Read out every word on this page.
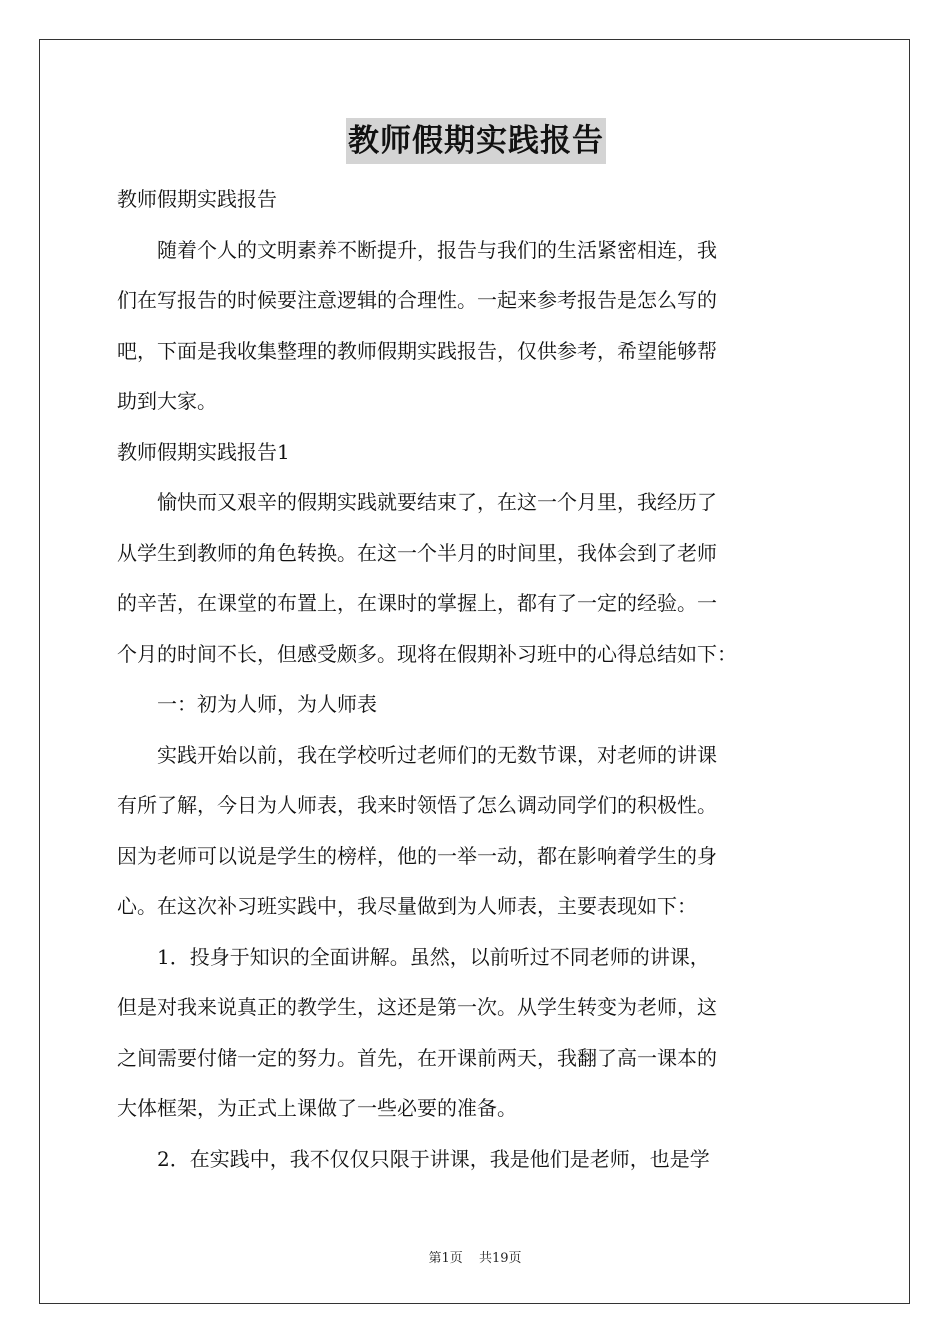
教师假期实践报告

教师假期实践报告

随着个人的文明素养不断提升，报告与我们的生活紧密相连，我

们在写报告的时候要注意逻辑的合理性。一起来参考报告是怎么写的

吧，下面是我收集整理的教师假期实践报告，仅供参考，希望能够帮

助到大家。

教师假期实践报告1

愉快而又艰辛的假期实践就要结束了，在这一个月里，我经历了

从学生到教师的角色转换。在这一个半月的时间里，我体会到了老师

的辛苦，在课堂的布置上，在课时的掌握上，都有了一定的经验。一

个月的时间不长，但感受颇多。现将在假期补习班中的心得总结如下：

一：初为人师，为人师表

实践开始以前，我在学校听过老师们的无数节课，对老师的讲课

有所了解，今日为人师表，我来时领悟了怎么调动同学们的积极性。

因为老师可以说是学生的榜样，他的一举一动，都在影响着学生的身

心。在这次补习班实践中，我尽量做到为人师表，主要表现如下：

1．投身于知识的全面讲解。虽然，以前听过不同老师的讲课，

但是对我来说真正的教学生，这还是第一次。从学生转变为老师，这

之间需要付储一定的努力。首先，在开课前两天，我翻了高一课本的

大体框架，为正式上课做了一些必要的准备。

2．在实践中，我不仅仅只限于讲课，我是他们是老师，也是学

第1页 共19页
